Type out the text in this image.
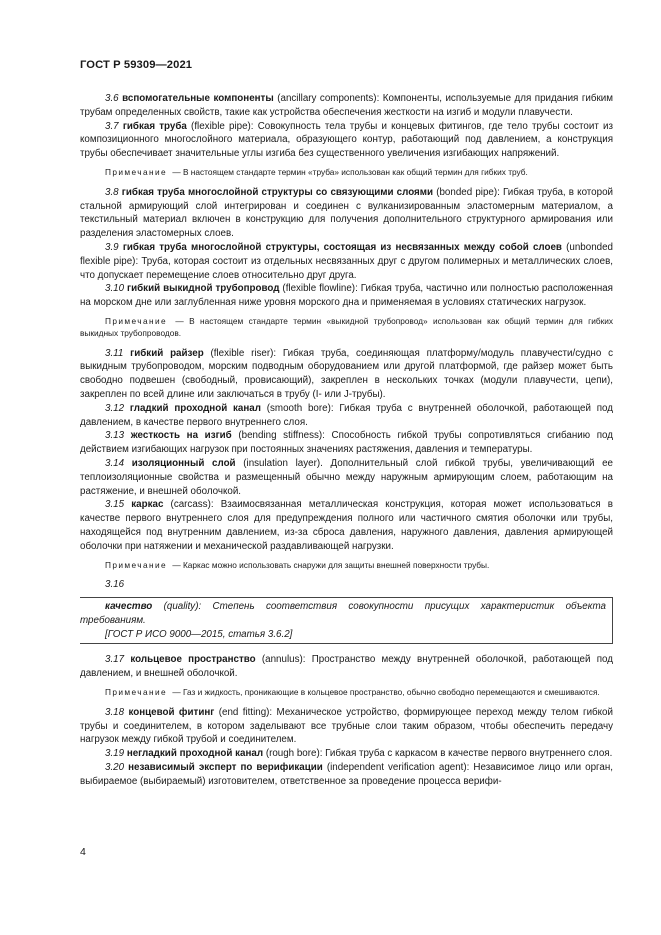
ГОСТ Р 59309—2021

3.6 вспомогательные компоненты (ancillary components): Компоненты, используемые для придания гибким трубам определенных свойств, такие как устройства обеспечения жесткости на изгиб и модули плавучести.

3.7 гибкая труба (flexible pipe): Совокупность тела трубы и концевых фитингов, где тело трубы состоит из композиционного многослойного материала, образующего контур, работающий под давлением, а конструкция трубы обеспечивает значительные углы изгиба без существенного увеличения изгибающих напряжений.

Примечание — В настоящем стандарте термин «труба» использован как общий термин для гибких труб.

3.8 гибкая труба многослойной структуры со связующими слоями (bonded pipe): Гибкая труба, в которой стальной армирующий слой интегрирован и соединен с вулканизированным эластомерным материалом, а текстильный материал включен в конструкцию для получения дополнительного структурного армирования или разделения эластомерных слоев.

3.9 гибкая труба многослойной структуры, состоящая из несвязанных между собой слоев (unbonded flexible pipe): Труба, которая состоит из отдельных несвязанных друг с другом полимерных и металлических слоев, что допускает перемещение слоев относительно друг друга.

3.10 гибкий выкидной трубопровод (flexible flowline): Гибкая труба, частично или полностью расположенная на морском дне или заглубленная ниже уровня морского дна и применяемая в условиях статических нагрузок.

Примечание — В настоящем стандарте термин «выкидной трубопровод» использован как общий термин для гибких выкидных трубопроводов.

3.11 гибкий райзер (flexible riser): Гибкая труба, соединяющая платформу/модуль плавучести/судно с выкидным трубопроводом, морским подводным оборудованием или другой платформой, где райзер может быть свободно подвешен (свободный, провисающий), закреплен в нескольких точках (модули плавучести, цепи), закреплен по всей длине или заключаться в трубу (I- или J-трубы).

3.12 гладкий проходной канал (smooth bore): Гибкая труба с внутренней оболочкой, работающей под давлением, в качестве первого внутреннего слоя.

3.13 жесткость на изгиб (bending stiffness): Способность гибкой трубы сопротивляться сгибанию под действием изгибающих нагрузок при постоянных значениях растяжения, давления и температуры.

3.14 изоляционный слой (insulation layer). Дополнительный слой гибкой трубы, увеличивающий ее теплоизоляционные свойства и размещенный обычно между наружным армирующим слоем, работающим на растяжение, и внешней оболочкой.

3.15 каркас (carcass): Взаимосвязанная металлическая конструкция, которая может использоваться в качестве первого внутреннего слоя для предупреждения полного или частичного смятия оболочки или трубы, находящейся под внутренним давлением, из-за сброса давления, наружного давления, давления армирующей оболочки при натяжении и механической раздавливающей нагрузки.

Примечание — Каркас можно использовать снаружи для защиты внешней поверхности трубы.

3.16

качество (quality): Степень соответствия совокупности присущих характеристик объекта требованиям.
[ГОСТ Р ИСО 9000—2015, статья 3.6.2]

3.17 кольцевое пространство (annulus): Пространство между внутренней оболочкой, работающей под давлением, и внешней оболочкой.

Примечание — Газ и жидкость, проникающие в кольцевое пространство, обычно свободно перемещаются и смешиваются.

3.18 концевой фитинг (end fitting): Механическое устройство, формирующее переход между телом гибкой трубы и соединителем, в котором заделывают все трубные слои таким образом, чтобы обеспечить передачу нагрузок между гибкой трубой и соединителем.

3.19 негладкий проходной канал (rough bore): Гибкая труба с каркасом в качестве первого внутреннего слоя.

3.20 независимый эксперт по верификации (independent verification agent): Независимое лицо или орган, выбираемое (выбираемый) изготовителем, ответственное за проведение процесса верифи-

4
